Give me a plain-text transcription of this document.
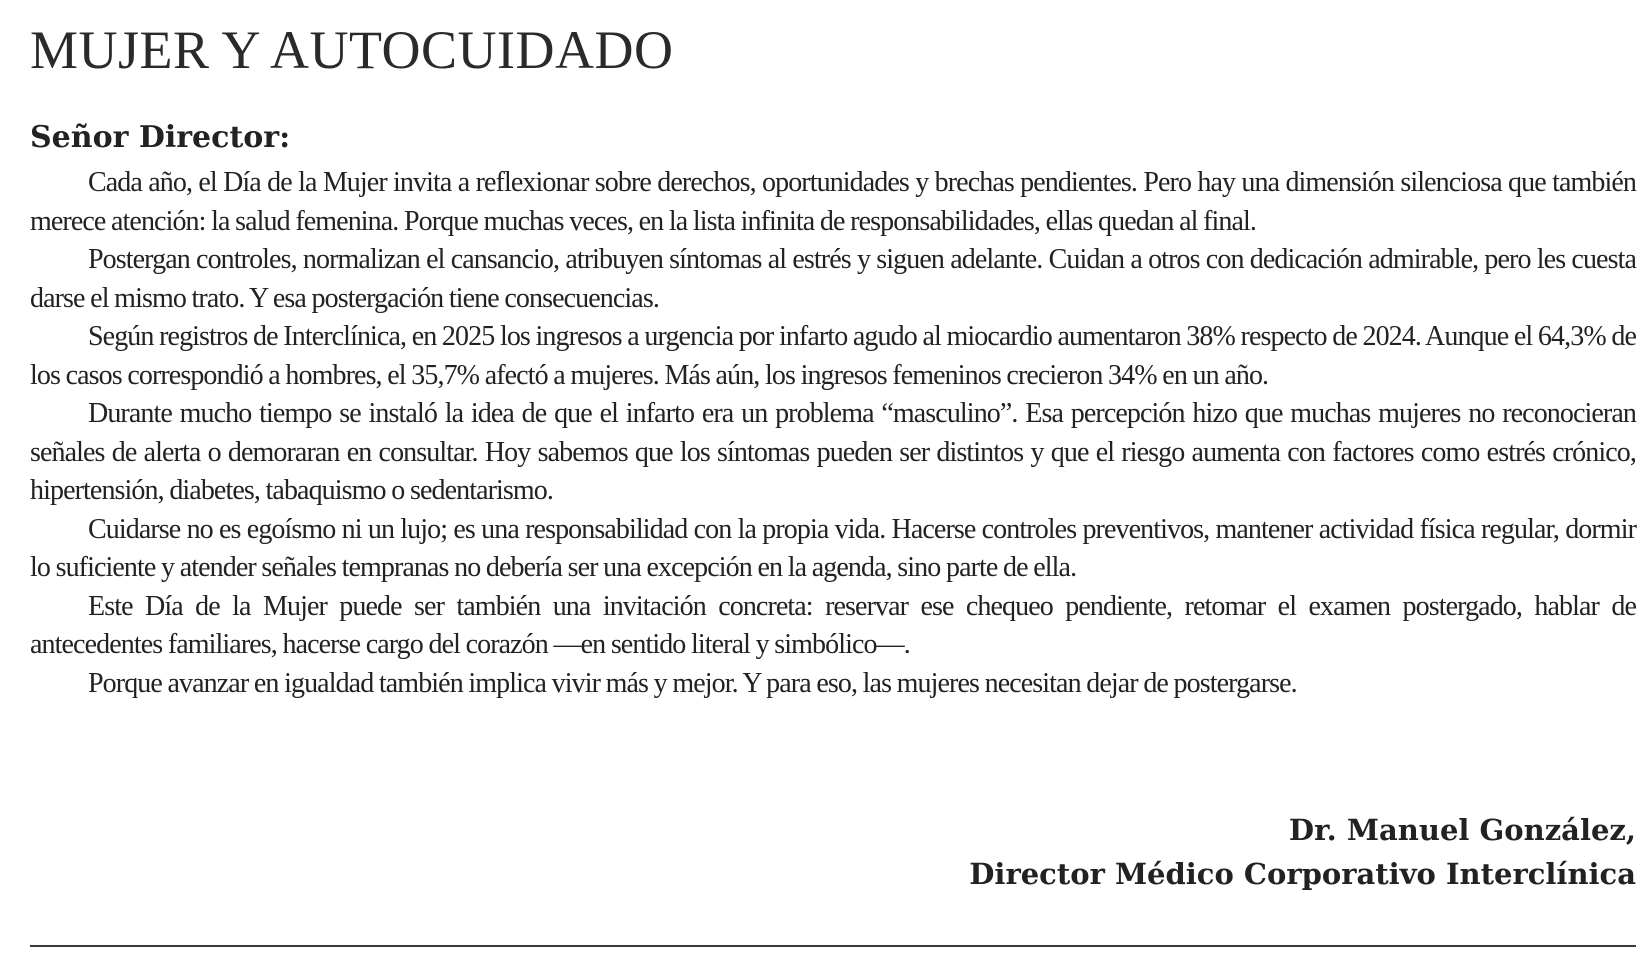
MUJER Y AUTOCUIDADO
Señor Director:

Cada año, el Día de la Mujer invita a reflexionar sobre derechos, oportunidades y brechas pendientes. Pero hay una dimensión silenciosa que también merece atención: la salud femenina. Porque muchas veces, en la lista infinita de responsabilidades, ellas quedan al final.

Postergan controles, normalizan el cansancio, atribuyen síntomas al estrés y siguen adelante. Cuidan a otros con dedicación admirable, pero les cuesta darse el mismo trato. Y esa postergación tiene consecuencias.

Según registros de Interclínica, en 2025 los ingresos a urgencia por infarto agudo al miocardio aumentaron 38% respecto de 2024. Aunque el 64,3% de los casos correspondió a hombres, el 35,7% afectó a mujeres. Más aún, los ingresos femeninos crecieron 34% en un año.

Durante mucho tiempo se instaló la idea de que el infarto era un problema “masculino”. Esa percepción hizo que muchas mujeres no reconocieran señales de alerta o demoraran en consultar. Hoy sabemos que los síntomas pueden ser distintos y que el riesgo aumenta con factores como estrés crónico, hipertensión, diabetes, tabaquismo o sedentarismo.

Cuidarse no es egoísmo ni un lujo; es una responsabilidad con la propia vida. Hacerse controles preventivos, mantener actividad física regular, dormir lo suficiente y atender señales tempranas no debería ser una excepción en la agenda, sino parte de ella.

Este Día de la Mujer puede ser también una invitación concreta: reservar ese chequeo pendiente, retomar el examen postergado, hablar de antecedentes familiares, hacerse cargo del corazón —en sentido literal y simbólico—.

Porque avanzar en igualdad también implica vivir más y mejor. Y para eso, las mujeres necesitan dejar de postergarse.

Dr. Manuel González,
Director Médico Corporativo Interclínica
